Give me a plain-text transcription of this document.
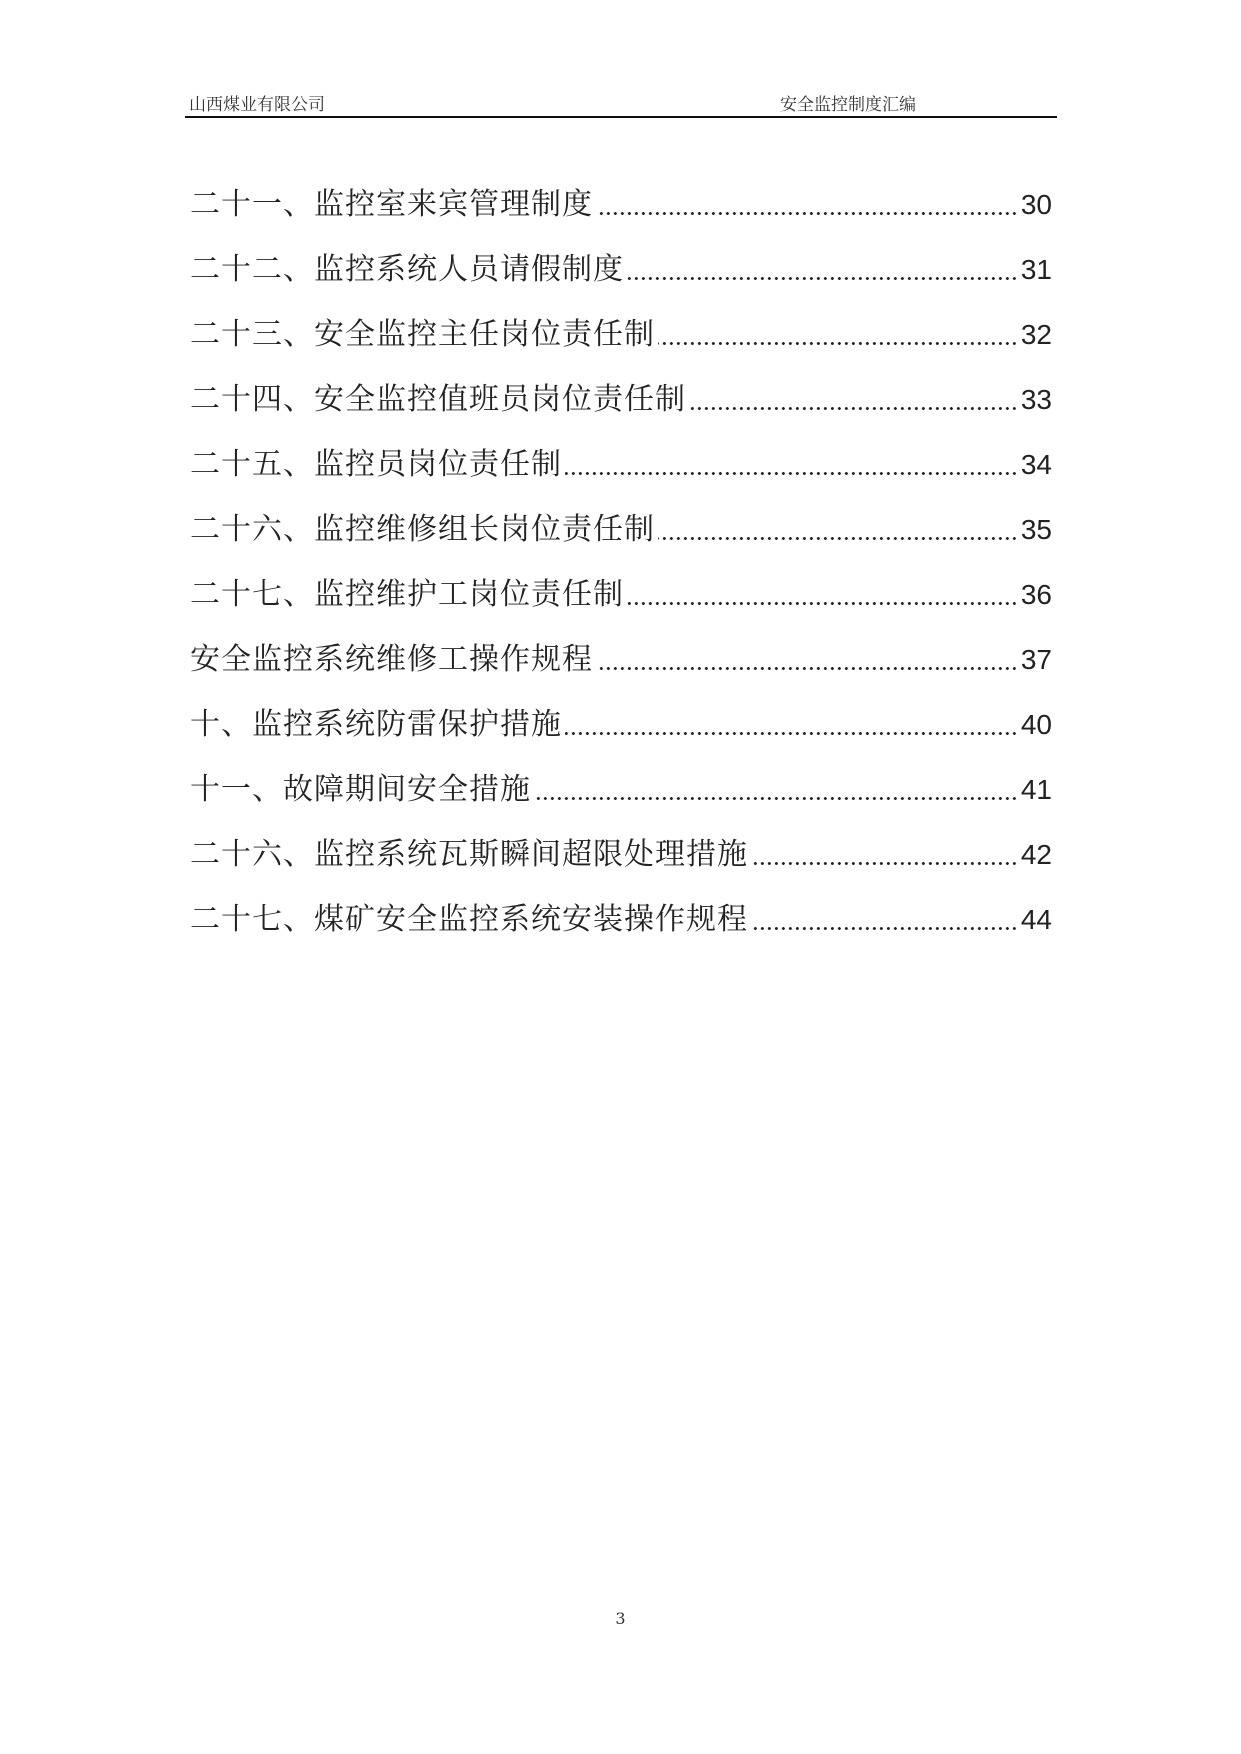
山西煤业有限公司	安全监控制度汇编
二十一、监控室来宾管理制度	30
二十二、监控系统人员请假制度	31
二十三、安全监控主任岗位责任制	32
二十四、安全监控值班员岗位责任制	33
二十五、监控员岗位责任制	34
二十六、监控维修组长岗位责任制	35
二十七、监控维护工岗位责任制	36
安全监控系统维修工操作规程	37
十、监控系统防雷保护措施	40
十一、故障期间安全措施	41
二十六、监控系统瓦斯瞬间超限处理措施	42
二十七、煤矿安全监控系统安装操作规程	44
3
